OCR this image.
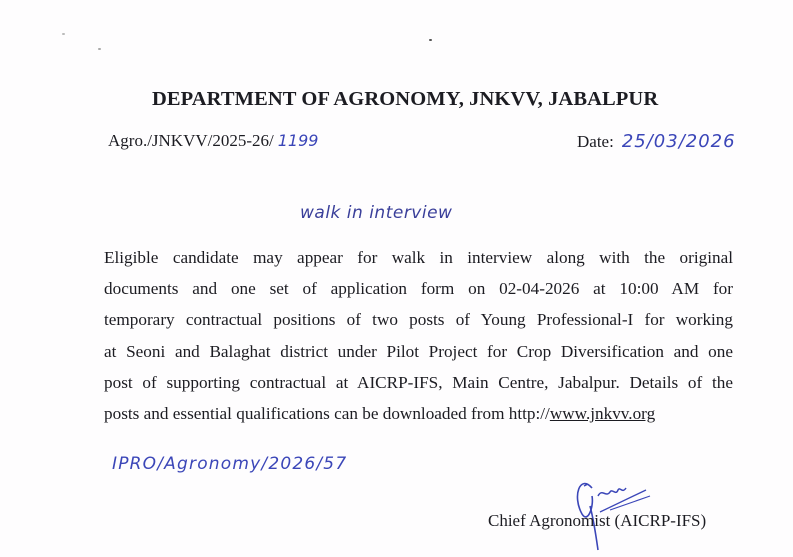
DEPARTMENT OF AGRONOMY, JNKVV, JABALPUR
Agro./JNKVV/2025-26/ 1199	Date: 25/03/2026
walk in interview
Eligible candidate may appear for walk in interview along with the original
documents and one set of application form on 02-04-2026 at 10:00 AM for
temporary contractual positions of two posts of Young Professional-I for working
at Seoni and Balaghat district under Pilot Project for Crop Diversification and one
post of supporting contractual at AICRP-IFS, Main Centre, Jabalpur. Details of the
posts and essential qualifications can be downloaded from http://www.jnkvv.org
IPRO/Agronomy/2026/57
Chief Agronomist (AICRP-IFS)
